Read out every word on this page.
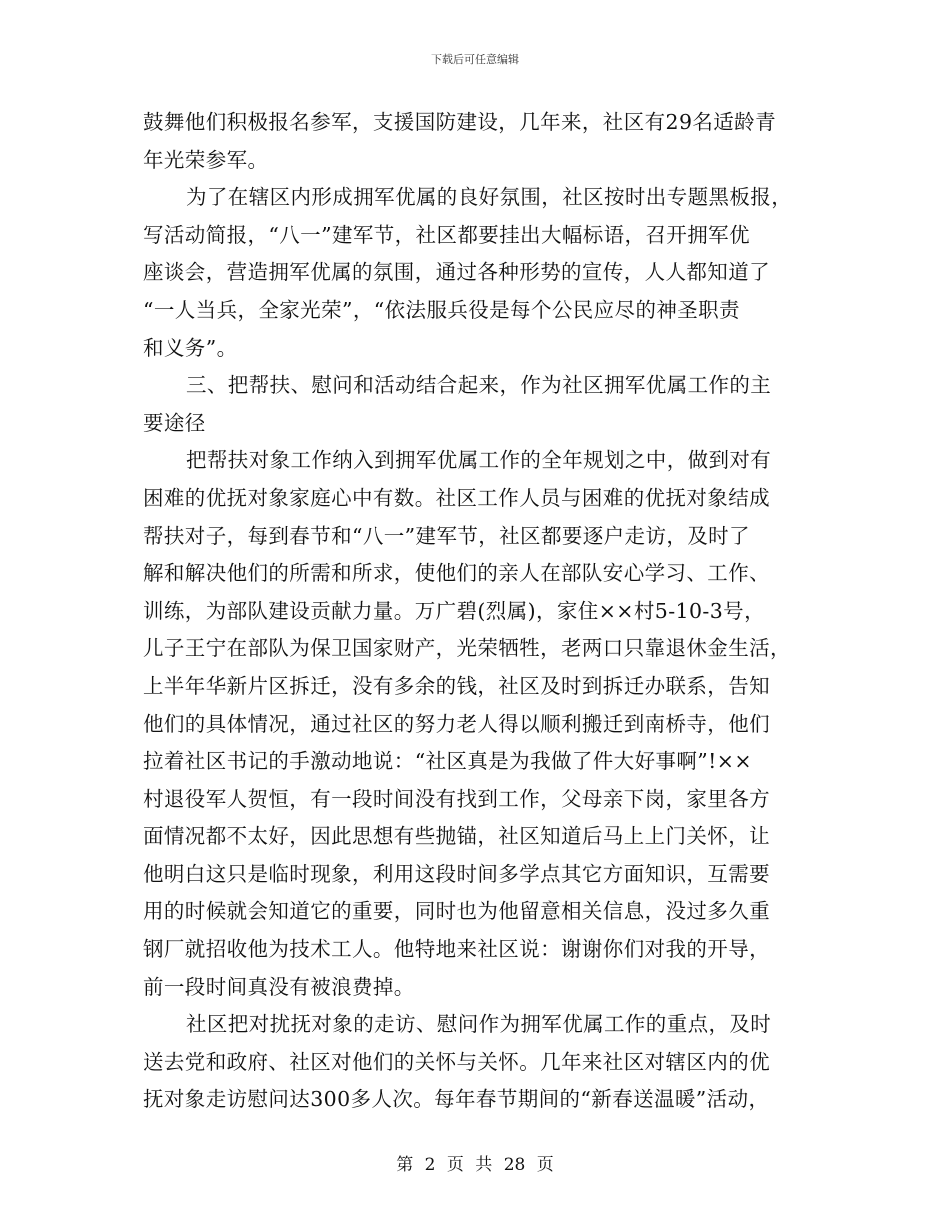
下载后可任意编辑
鼓舞他们积极报名参军，支援国防建设，几年来，社区有29名适龄青
年光荣参军。
为了在辖区内形成拥军优属的良好氛围，社区按时出专题黑板报，
写活动简报，“八一”建军节，社区都要挂出大幅标语，召开拥军优
座谈会，营造拥军优属的氛围，通过各种形势的宣传，人人都知道了
“一人当兵，全家光荣”，“依法服兵役是每个公民应尽的神圣职责
和义务”。
三、把帮扶、慰问和活动结合起来，作为社区拥军优属工作的主
要途径
把帮扶对象工作纳入到拥军优属工作的全年规划之中，做到对有
困难的优抚对象家庭心中有数。社区工作人员与困难的优抚对象结成
帮扶对子，每到春节和“八一”建军节，社区都要逐户走访，及时了
解和解决他们的所需和所求，使他们的亲人在部队安心学习、工作、
训练，为部队建设贡献力量。万广碧(烈属)，家住××村5-10-3号，
儿子王宁在部队为保卫国家财产，光荣牺牲，老两口只靠退休金生活，
上半年华新片区拆迁，没有多余的钱，社区及时到拆迁办联系，告知
他们的具体情况，通过社区的努力老人得以顺利搬迁到南桥寺，他们
拉着社区书记的手激动地说：“社区真是为我做了件大好事啊”!××
村退役军人贺恒，有一段时间没有找到工作，父母亲下岗，家里各方
面情况都不太好，因此思想有些抛锚，社区知道后马上上门关怀，让
他明白这只是临时现象，利用这段时间多学点其它方面知识，互需要
用的时候就会知道它的重要，同时也为他留意相关信息，没过多久重
钢厂就招收他为技术工人。他特地来社区说：谢谢你们对我的开导，
前一段时间真没有被浪费掉。
社区把对扰抚对象的走访、慰问作为拥军优属工作的重点，及时
送去党和政府、社区对他们的关怀与关怀。几年来社区对辖区内的优
抚对象走访慰问达300多人次。每年春节期间的“新春送温暖”活动，
第 2 页 共 28 页
